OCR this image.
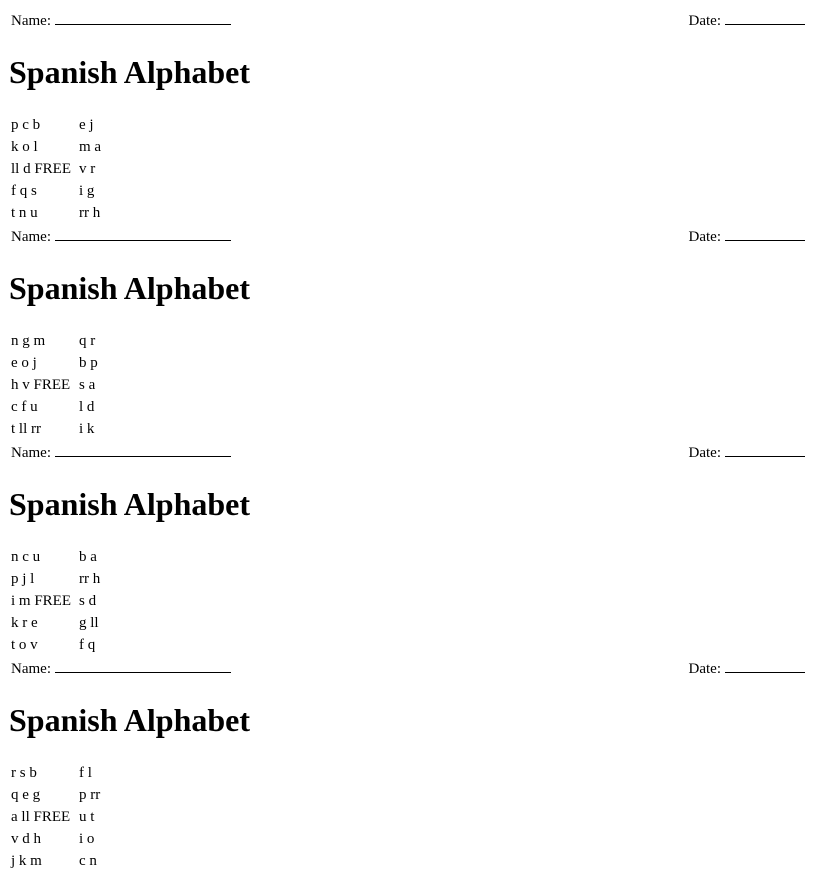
Name:	Date:
Spanish Alphabet
p c b	e j
k o l	m a
ll d FREE	v r
f q s	i g
t n u	rr h
Name:	Date:
Spanish Alphabet
n g m	q r
e o j	b p
h v FREE	s a
c f u	l d
t ll rr	i k
Name:	Date:
Spanish Alphabet
n c u	b a
p j l	rr h
i m FREE	s d
k r e	g ll
t o v	f q
Name:	Date:
Spanish Alphabet
r s b	f l
q e g	p rr
a ll FREE	u t
v d h	i o
j k m	c n
